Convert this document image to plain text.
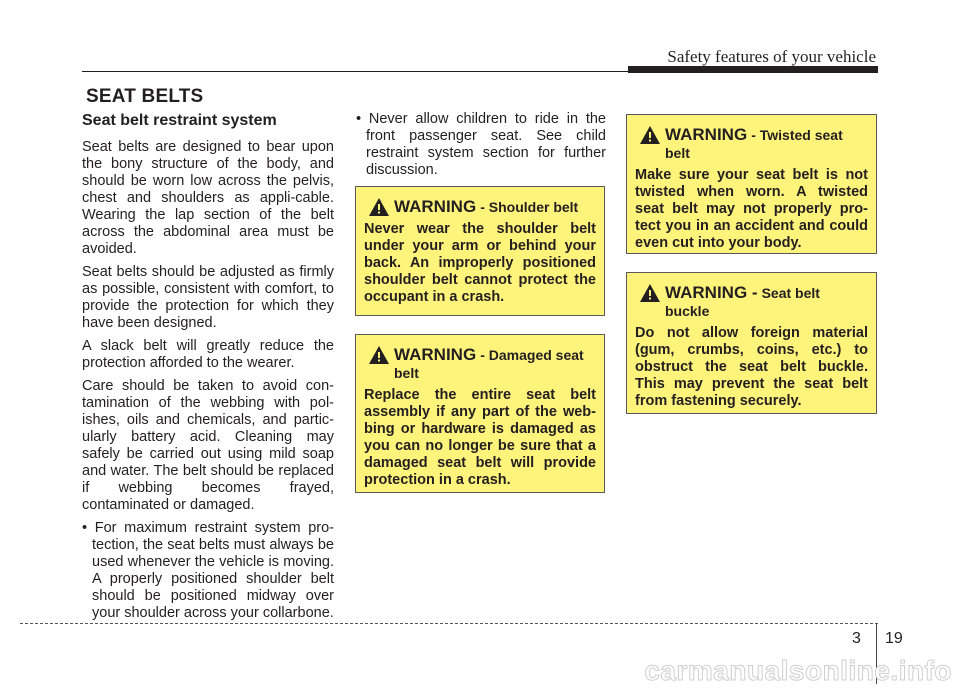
Safety features of your vehicle
SEAT BELTS
Seat belt restraint system

Seat belts are designed to bear upon the bony structure of the body, and should be worn low across the pelvis, chest and shoulders as appli-cable. Wearing the lap section of the belt across the abdominal area must be avoided.

Seat belts should be adjusted as firmly as possible, consistent with comfort, to provide the protection for which they have been designed.

A slack belt will greatly reduce the protection afforded to the wearer.

Care should be taken to avoid con-tamination of the webbing with pol-ishes, oils and chemicals, and partic-ularly battery acid. Cleaning may safely be carried out using mild soap and water. The belt should be replaced if webbing becomes frayed, contaminated or damaged.

• For maximum restraint system pro-tection, the seat belts must always be used whenever the vehicle is moving. A properly positioned shoulder belt should be positioned midway over your shoulder across your collarbone.

• Never allow children to ride in the front passenger seat. See child restraint system section for further discussion.

WARNING - Shoulder belt

Never wear the shoulder belt under your arm or behind your back. An improperly positioned shoulder belt cannot protect the occupant in a crash.

WARNING - Damaged seat belt

Replace the entire seat belt assembly if any part of the web-bing or hardware is damaged as you can no longer be sure that a damaged seat belt will provide protection in a crash.

WARNING - Twisted seat belt

Make sure your seat belt is not twisted when worn. A twisted seat belt may not properly pro-tect you in an accident and could even cut into your body.

WARNING - Seat belt buckle

Do not allow foreign material (gum, crumbs, coins, etc.) to obstruct the seat belt buckle. This may prevent the seat belt from fastening securely.

3 19
carmanualsonline.info
